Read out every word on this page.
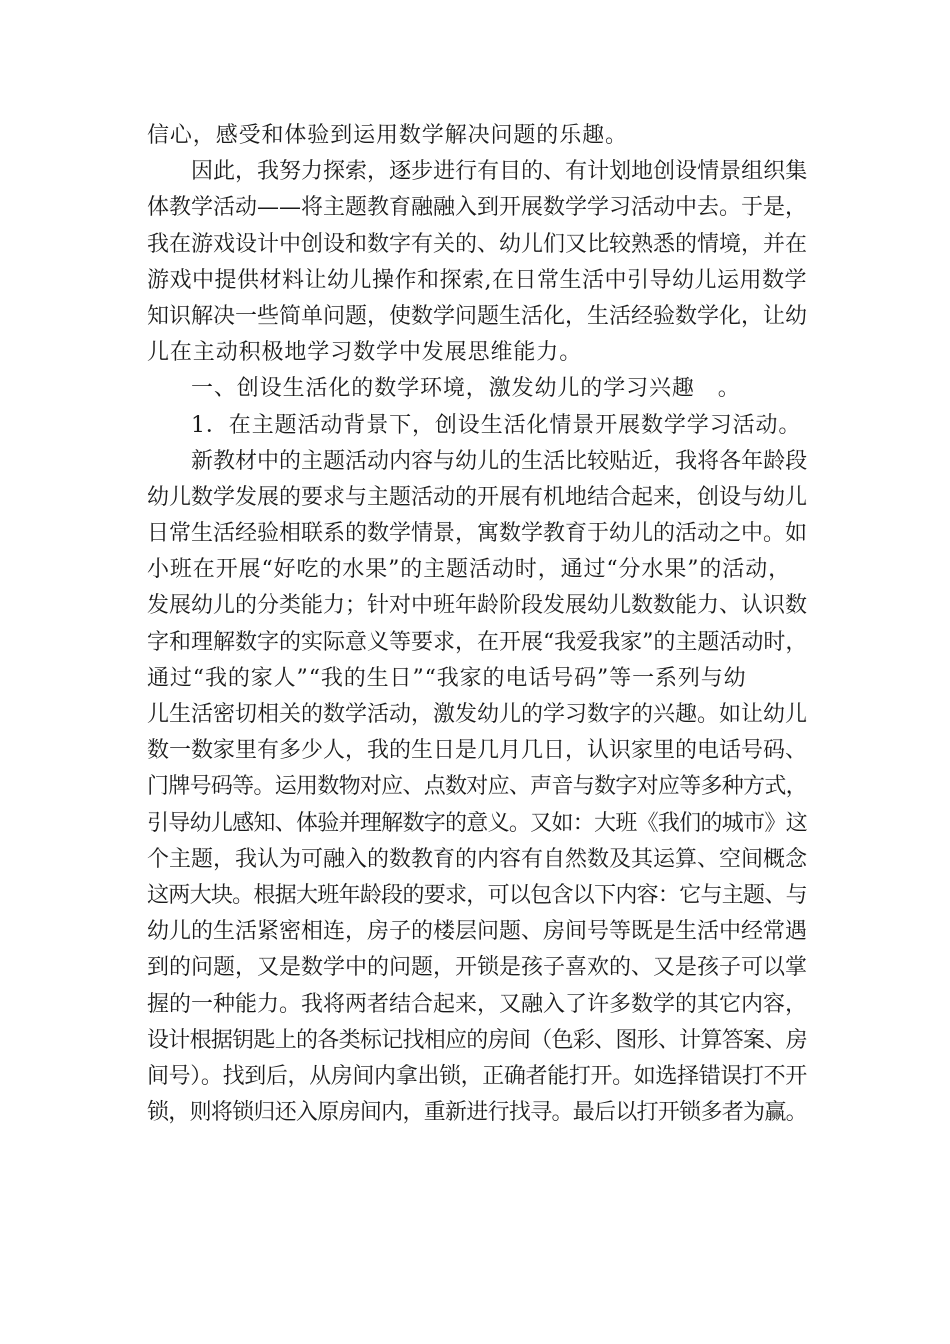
信心，感受和体验到运用数学解决问题的乐趣。
因此，我努力探索，逐步进行有目的、有计划地创设情景组织集
体教学活动——将主题教育融融入到开展数学学习活动中去。于是，
我在游戏设计中创设和数字有关的、幼儿们又比较熟悉的情境，并在
游戏中提供材料让幼儿操作和探索,在日常生活中引导幼儿运用数学
知识解决一些简单问题，使数学问题生活化，生活经验数学化，让幼
儿在主动积极地学习数学中发展思维能力。
一、创设生活化的数学环境，激发幼儿的学习兴趣　。
1．在主题活动背景下，创设生活化情景开展数学学习活动。
新教材中的主题活动内容与幼儿的生活比较贴近，我将各年龄段
幼儿数学发展的要求与主题活动的开展有机地结合起来，创设与幼儿
日常生活经验相联系的数学情景，寓数学教育于幼儿的活动之中。如
小班在开展“好吃的水果”的主题活动时，通过“分水果”的活动，
发展幼儿的分类能力；针对中班年龄阶段发展幼儿数数能力、认识数
字和理解数字的实际意义等要求，在开展“我爱我家”的主题活动时，
通过“我的家人”“我的生日”“我家的电话号码”等一系列与幼
儿生活密切相关的数学活动，激发幼儿的学习数字的兴趣。如让幼儿
数一数家里有多少人，我的生日是几月几日，认识家里的电话号码、
门牌号码等。运用数物对应、点数对应、声音与数字对应等多种方式，
引导幼儿感知、体验并理解数字的意义。又如：大班《我们的城市》这
个主题，我认为可融入的数教育的内容有自然数及其运算、空间概念
这两大块。根据大班年龄段的要求，可以包含以下内容：它与主题、与
幼儿的生活紧密相连，房子的楼层问题、房间号等既是生活中经常遇
到的问题，又是数学中的问题，开锁是孩子喜欢的、又是孩子可以掌
握的一种能力。我将两者结合起来，又融入了许多数学的其它内容，
设计根据钥匙上的各类标记找相应的房间（色彩、图形、计算答案、房
间号）。找到后，从房间内拿出锁，正确者能打开。如选择错误打不开
锁，则将锁归还入原房间内，重新进行找寻。最后以打开锁多者为赢。
